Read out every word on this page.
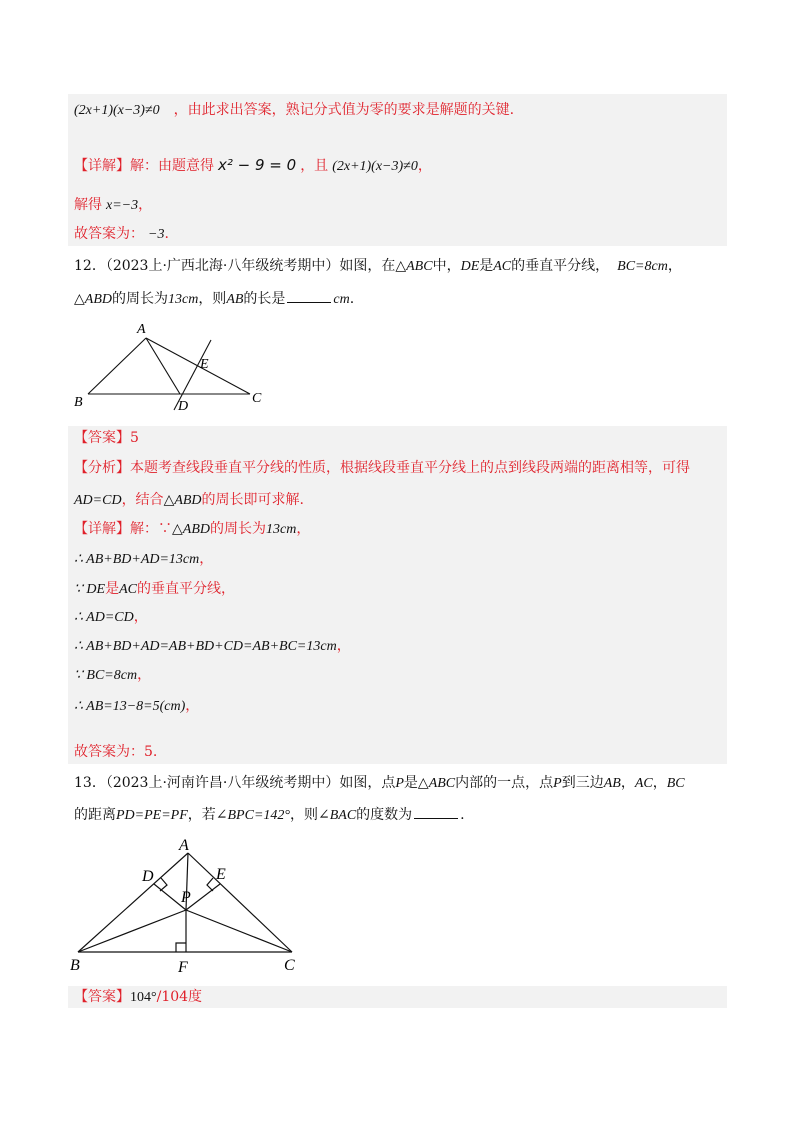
(2x+1)(x−3)≠0 ，由此求出答案，熟记分式值为零的要求是解题的关键.
【详解】解：由题意得 x² − 9 = 0 ，且 (2x+1)(x−3)≠0，
解得 x=−3，
故答案为： −3.
12．（2023上·广西北海·八年级统考期中）如图，在△ABC中，DE是AC的垂直平分线， BC=8cm，
△ABD的周长为13cm，则AB的长是	cm.
A
B	C
D
E
【答案】5
【分析】本题考查线段垂直平分线的性质，根据线段垂直平分线上的点到线段两端的距离相等，可得
AD=CD，结合△ABD的周长即可求解.
【详解】解：∵△ABD的周长为13cm，
∴ AB+BD+AD=13cm，
∵ DE是AC的垂直平分线，
∴ AD=CD，
∴ AB+BD+AD=AB+BD+CD=AB+BC=13cm，
∵ BC=8cm，
∴ AB=13−8=5(cm)，
故答案为：5.
13．（2023上·河南许昌·八年级统考期中）如图，点P是△ABC内部的一点，点P到三边AB，AC，BC
的距离PD=PE=PF，若∠BPC=142°，则∠BAC的度数为	.
A
B	C
D	E
F
P
【答案】104°/104度
